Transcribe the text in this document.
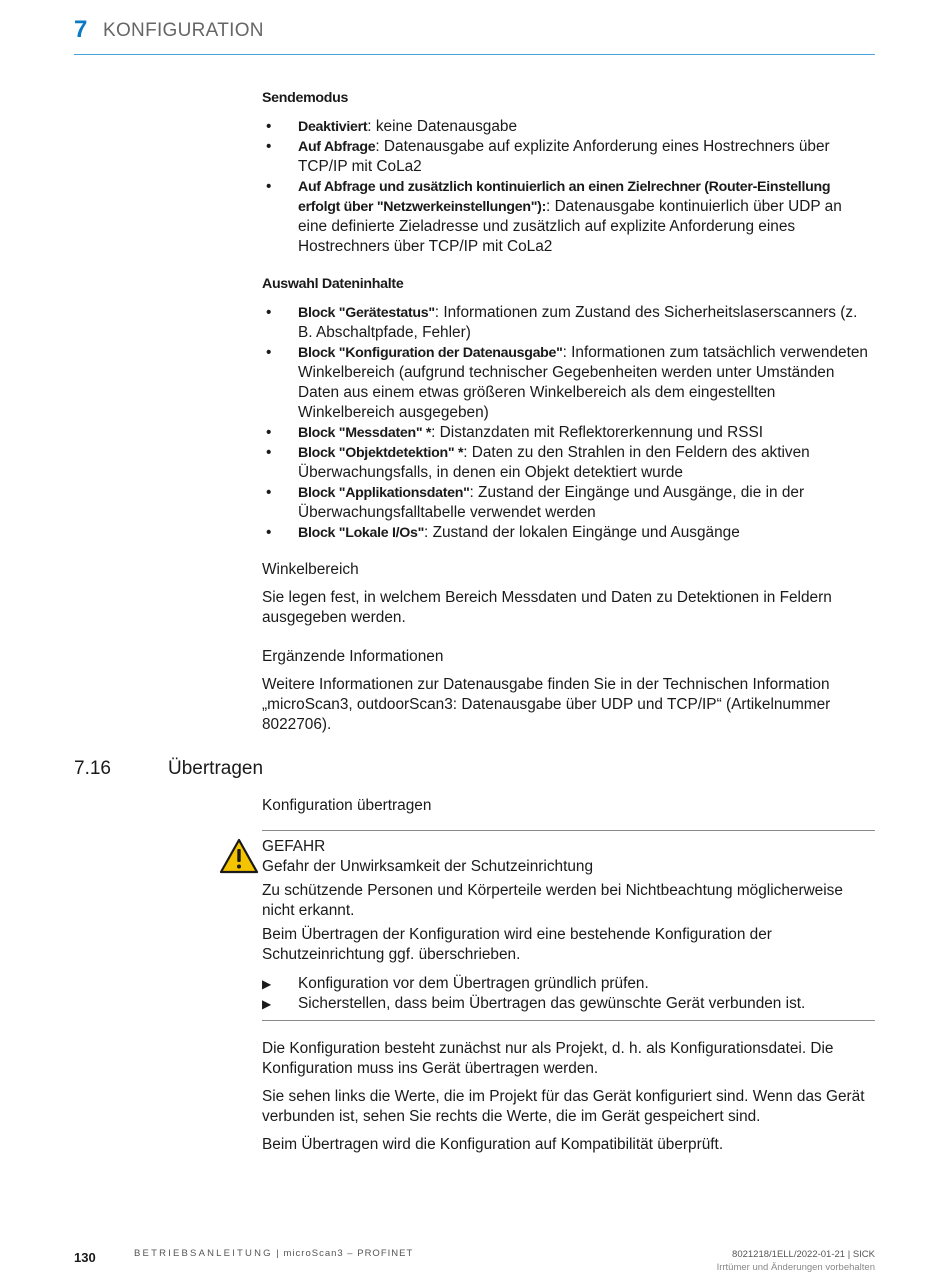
7 KONFIGURATION
Sendemodus
• Deaktiviert: keine Datenausgabe
• Auf Abfrage: Datenausgabe auf explizite Anforderung eines Hostrechners über TCP/IP mit CoLa2
• Auf Abfrage und zusätzlich kontinuierlich an einen Zielrechner (Router-Einstellung erfolgt über "Netzwerkeinstellungen"):: Datenausgabe kontinuierlich über UDP an eine definierte Zieladresse und zusätzlich auf explizite Anforderung eines Hostrechners über TCP/IP mit CoLa2
Auswahl Dateninhalte
• Block "Gerätestatus": Informationen zum Zustand des Sicherheitslaserscanners (z. B. Abschaltpfade, Fehler)
• Block "Konfiguration der Datenausgabe": Informationen zum tatsächlich verwendeten Winkelbereich (aufgrund technischer Gegebenheiten werden unter Umständen Daten aus einem etwas größeren Winkelbereich als dem eingestellten Winkelbereich ausgegeben)
• Block "Messdaten" *: Distanzdaten mit Reflektorerkennung und RSSI
• Block "Objektdetektion" *: Daten zu den Strahlen in den Feldern des aktiven Überwachungsfalls, in denen ein Objekt detektiert wurde
• Block "Applikationsdaten": Zustand der Eingänge und Ausgänge, die in der Überwachungsfalltabelle verwendet werden
• Block "Lokale I/Os": Zustand der lokalen Eingänge und Ausgänge
Winkelbereich

Sie legen fest, in welchem Bereich Messdaten und Daten zu Detektionen in Feldern ausgegeben werden.

Ergänzende Informationen

Weitere Informationen zur Datenausgabe finden Sie in der Technischen Information „microScan3, outdoorScan3: Datenausgabe über UDP und TCP/IP“ (Artikelnummer 8022706).

7.16	Übertragen
Konfiguration übertragen
GEFAHR
Gefahr der Unwirksamkeit der Schutzeinrichtung

Zu schützende Personen und Körperteile werden bei Nichtbeachtung möglicherweise nicht erkannt.

Beim Übertragen der Konfiguration wird eine bestehende Konfiguration der Schutzeinrichtung ggf. überschrieben.

▶ Konfiguration vor dem Übertragen gründlich prüfen.
▶ Sicherstellen, dass beim Übertragen das gewünschte Gerät verbunden ist.

Die Konfiguration besteht zunächst nur als Projekt, d. h. als Konfigurationsdatei. Die Konfiguration muss ins Gerät übertragen werden.

Sie sehen links die Werte, die im Projekt für das Gerät konfiguriert sind. Wenn das Gerät verbunden ist, sehen Sie rechts die Werte, die im Gerät gespeichert sind.

Beim Übertragen wird die Konfiguration auf Kompatibilität überprüft.

130	BETRIEBSANLEITUNG | microScan3 – PROFINET	8021218/1ELL/2022-01-21 | SICK
Irrtümer und Änderungen vorbehalten
